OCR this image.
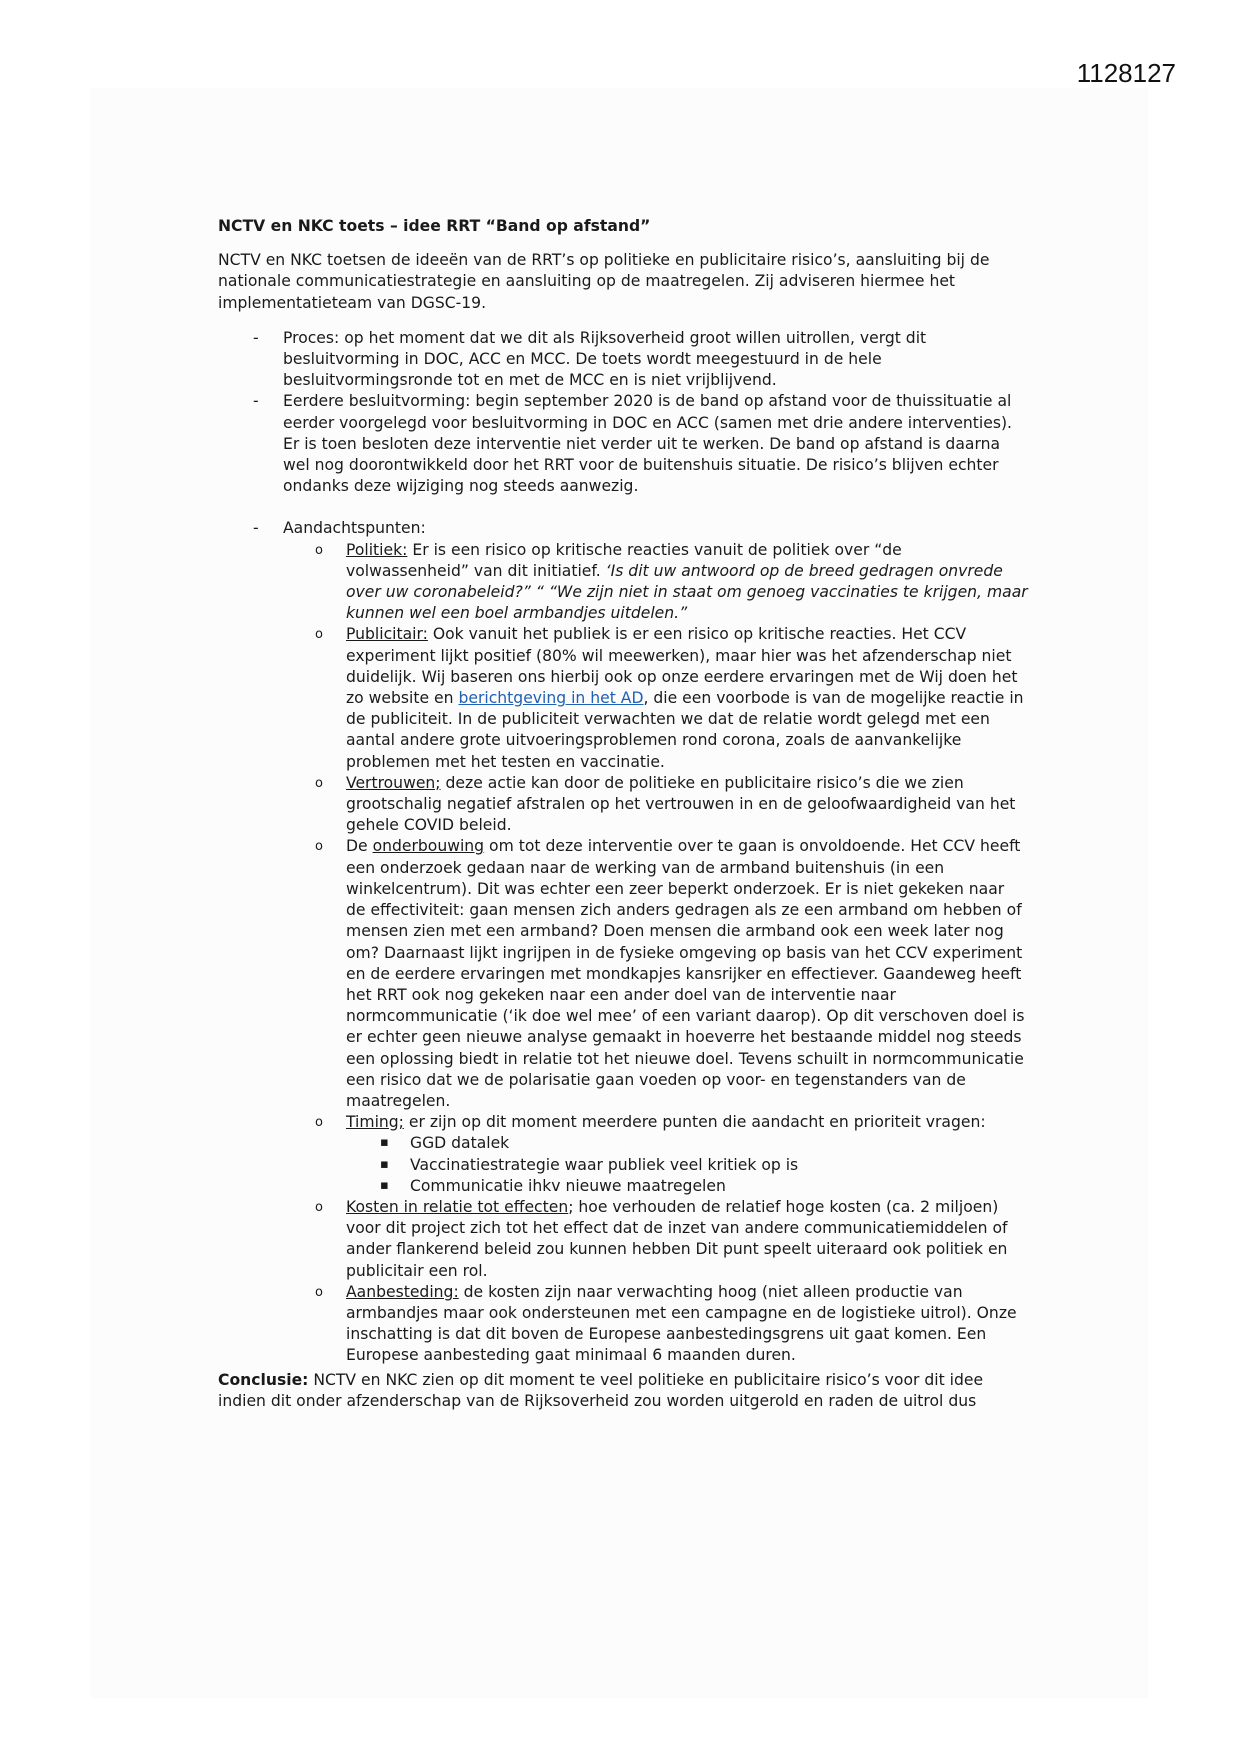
1128127

NCTV en NKC toets – idee RRT “Band op afstand”

NCTV en NKC toetsen de ideeën van de RRT’s op politieke en publicitaire risico’s, aansluiting bij de nationale communicatiestrategie en aansluiting op de maatregelen. Zij adviseren hiermee het implementatieteam van DGSC-19.

- Proces: op het moment dat we dit als Rijksoverheid groot willen uitrollen, vergt dit besluitvorming in DOC, ACC en MCC. De toets wordt meegestuurd in de hele besluitvormingsronde tot en met de MCC en is niet vrijblijvend.
- Eerdere besluitvorming: begin september 2020 is de band op afstand voor de thuissituatie al eerder voorgelegd voor besluitvorming in DOC en ACC (samen met drie andere interventies). Er is toen besloten deze interventie niet verder uit te werken. De band op afstand is daarna wel nog doorontwikkeld door het RRT voor de buitenshuis situatie. De risico’s blijven echter ondanks deze wijziging nog steeds aanwezig.
- Aandachtspunten:
o Politiek: Er is een risico op kritische reacties vanuit de politiek over “de volwassenheid” van dit initiatief. ‘Is dit uw antwoord op de breed gedragen onvrede over uw coronabeleid?” “ “We zijn niet in staat om genoeg vaccinaties te krijgen, maar kunnen wel een boel armbandjes uitdelen.”
o Publicitair: Ook vanuit het publiek is er een risico op kritische reacties. Het CCV experiment lijkt positief (80% wil meewerken), maar hier was het afzenderschap niet duidelijk. Wij baseren ons hierbij ook op onze eerdere ervaringen met de Wij doen het zo website en berichtgeving in het AD, die een voorbode is van de mogelijke reactie in de publiciteit. In de publiciteit verwachten we dat de relatie wordt gelegd met een aantal andere grote uitvoeringsproblemen rond corona, zoals de aanvankelijke problemen met het testen en vaccinatie.
o Vertrouwen; deze actie kan door de politieke en publicitaire risico’s die we zien grootschalig negatief afstralen op het vertrouwen in en de geloofwaardigheid van het gehele COVID beleid.
o De onderbouwing om tot deze interventie over te gaan is onvoldoende. Het CCV heeft een onderzoek gedaan naar de werking van de armband buitenshuis (in een winkelcentrum). Dit was echter een zeer beperkt onderzoek. Er is niet gekeken naar de effectiviteit: gaan mensen zich anders gedragen als ze een armband om hebben of mensen zien met een armband? Doen mensen die armband ook een week later nog om? Daarnaast lijkt ingrijpen in de fysieke omgeving op basis van het CCV experiment en de eerdere ervaringen met mondkapjes kansrijker en effectiever. Gaandeweg heeft het RRT ook nog gekeken naar een ander doel van de interventie naar normcommunicatie (‘ik doe wel mee’ of een variant daarop). Op dit verschoven doel is er echter geen nieuwe analyse gemaakt in hoeverre het bestaande middel nog steeds een oplossing biedt in relatie tot het nieuwe doel. Tevens schuilt in normcommunicatie een risico dat we de polarisatie gaan voeden op voor- en tegenstanders van de maatregelen.
o Timing; er zijn op dit moment meerdere punten die aandacht en prioriteit vragen:
▪ GGD datalek
▪ Vaccinatiestrategie waar publiek veel kritiek op is
▪ Communicatie ihkv nieuwe maatregelen
o Kosten in relatie tot effecten; hoe verhouden de relatief hoge kosten (ca. 2 miljoen) voor dit project zich tot het effect dat de inzet van andere communicatiemiddelen of ander flankerend beleid zou kunnen hebben Dit punt speelt uiteraard ook politiek en publicitair een rol.
o Aanbesteding: de kosten zijn naar verwachting hoog (niet alleen productie van armbandjes maar ook ondersteunen met een campagne en de logistieke uitrol). Onze inschatting is dat dit boven de Europese aanbestedingsgrens uit gaat komen. Een Europese aanbesteding gaat minimaal 6 maanden duren.

Conclusie: NCTV en NKC zien op dit moment te veel politieke en publicitaire risico’s voor dit idee indien dit onder afzenderschap van de Rijksoverheid zou worden uitgerold en raden de uitrol dus
